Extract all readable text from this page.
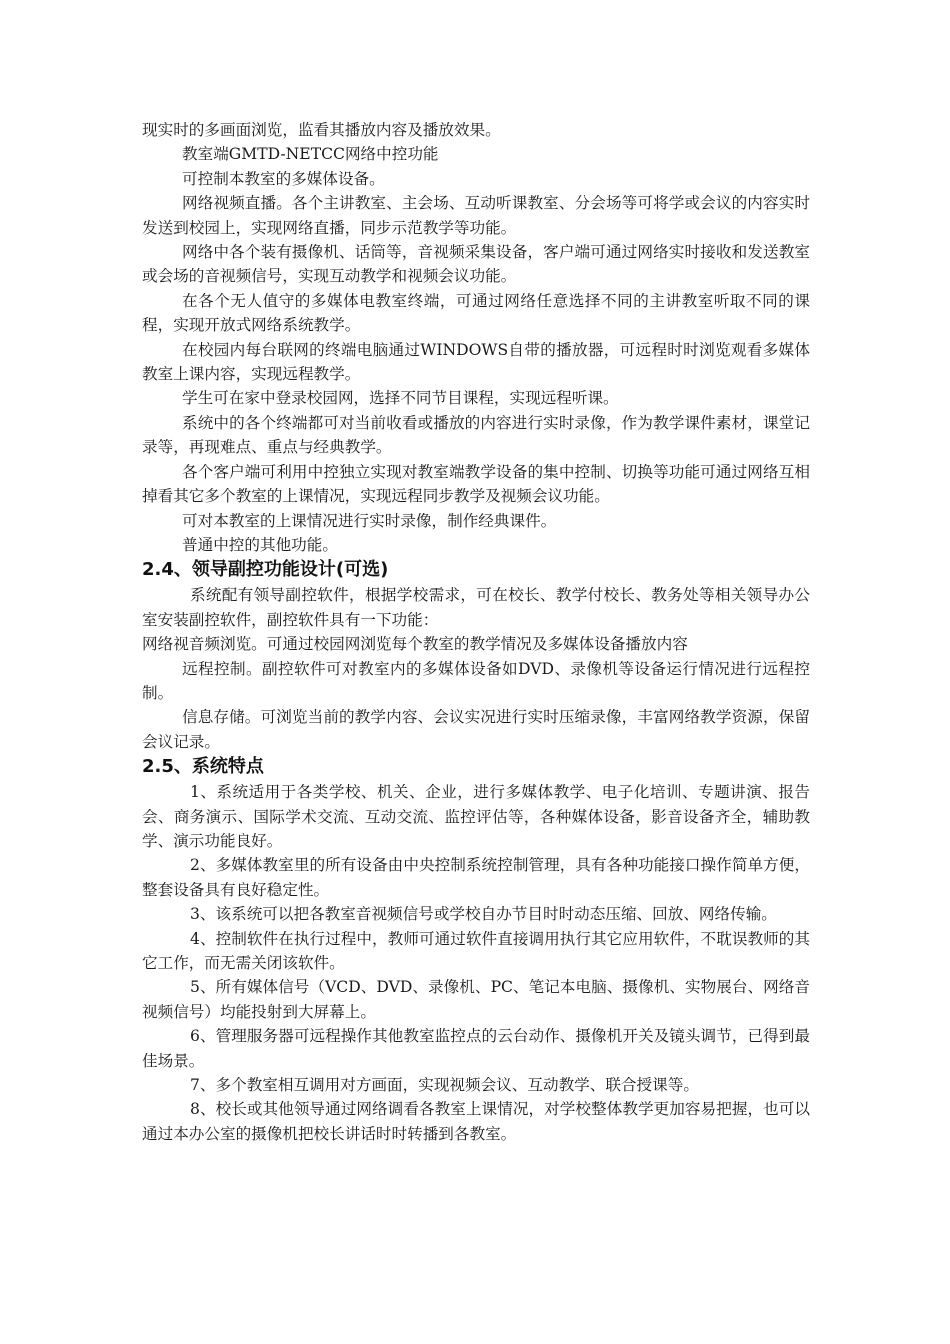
现实时的多画面浏览，监看其播放内容及播放效果。

教室端GMTD-NETCC网络中控功能

可控制本教室的多媒体设备。

网络视频直播。各个主讲教室、主会场、互动听课教室、分会场等可将学或会议的内容实时发送到校园上，实现网络直播，同步示范教学等功能。

网络中各个装有摄像机、话筒等，音视频采集设备，客户端可通过网络实时接收和发送教室或会场的音视频信号，实现互动教学和视频会议功能。

在各个无人值守的多媒体电教室终端，可通过网络任意选择不同的主讲教室听取不同的课程，实现开放式网络系统教学。

在校园内每台联网的终端电脑通过WINDOWS自带的播放器，可远程时时浏览观看多媒体教室上课内容，实现远程教学。

学生可在家中登录校园网，选择不同节目课程，实现远程听课。

系统中的各个终端都可对当前收看或播放的内容进行实时录像，作为教学课件素材，课堂记录等，再现难点、重点与经典教学。

各个客户端可利用中控独立实现对教室端教学设备的集中控制、切换等功能可通过网络互相掉看其它多个教室的上课情况，实现远程同步教学及视频会议功能。

可对本教室的上课情况进行实时录像，制作经典课件。

普通中控的其他功能。

2.4、领导副控功能设计(可选)

系统配有领导副控软件，根据学校需求，可在校长、教学付校长、教务处等相关领导办公室安装副控软件，副控软件具有一下功能：

网络视音频浏览。可通过校园网浏览每个教室的教学情况及多媒体设备播放内容

远程控制。副控软件可对教室内的多媒体设备如DVD、录像机等设备运行情况进行远程控制。

信息存储。可浏览当前的教学内容、会议实况进行实时压缩录像，丰富网络教学资源，保留会议记录。

2.5、系统特点

1、系统适用于各类学校、机关、企业，进行多媒体教学、电子化培训、专题讲演、报告会、商务演示、国际学术交流、互动交流、监控评估等，各种媒体设备，影音设备齐全，辅助教学、演示功能良好。

2、多媒体教室里的所有设备由中央控制系统控制管理，具有各种功能接口操作简单方便，整套设备具有良好稳定性。

3、该系统可以把各教室音视频信号或学校自办节目时时动态压缩、回放、网络传输。

4、控制软件在执行过程中，教师可通过软件直接调用执行其它应用软件，不耽误教师的其它工作，而无需关闭该软件。

5、所有媒体信号（VCD、DVD、录像机、PC、笔记本电脑、摄像机、实物展台、网络音视频信号）均能投射到大屏幕上。

6、管理服务器可远程操作其他教室监控点的云台动作、摄像机开关及镜头调节，已得到最佳场景。

7、多个教室相互调用对方画面，实现视频会议、互动教学、联合授课等。

8、校长或其他领导通过网络调看各教室上课情况，对学校整体教学更加容易把握，也可以通过本办公室的摄像机把校长讲话时时转播到各教室。
